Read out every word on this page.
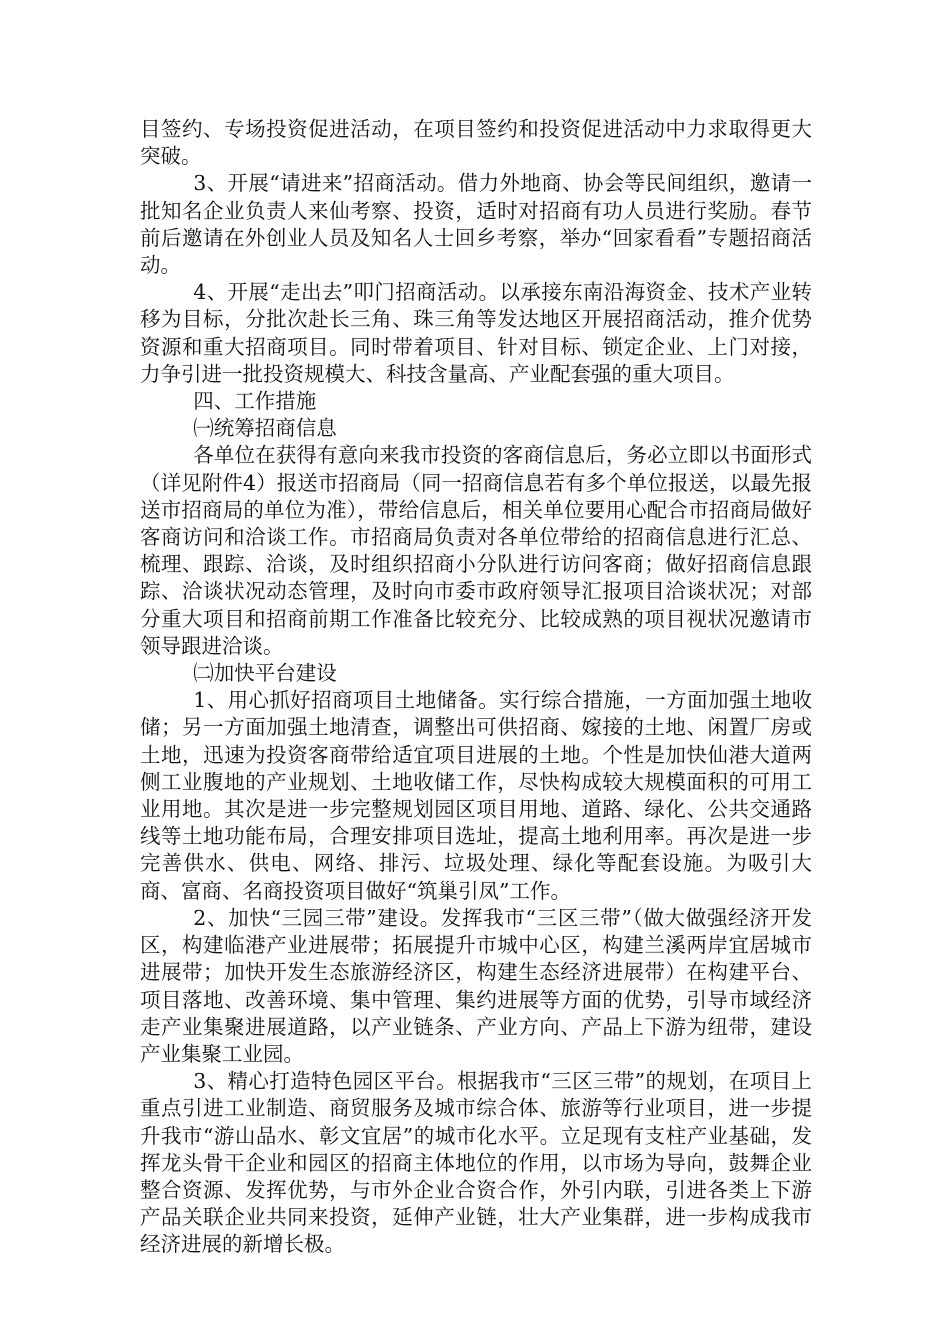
目签约、专场投资促进活动，在项目签约和投资促进活动中力求取得更大突破。

3、开展“请进来”招商活动。借力外地商、协会等民间组织，邀请一批知名企业负责人来仙考察、投资，适时对招商有功人员进行奖励。春节前后邀请在外创业人员及知名人士回乡考察，举办“回家看看”专题招商活动。

4、开展“走出去”叩门招商活动。以承接东南沿海资金、技术产业转移为目标，分批次赴长三角、珠三角等发达地区开展招商活动，推介优势资源和重大招商项目。同时带着项目、针对目标、锁定企业、上门对接，力争引进一批投资规模大、科技含量高、产业配套强的重大项目。

四、工作措施

㈠统筹招商信息

各单位在获得有意向来我市投资的客商信息后，务必立即以书面形式（详见附件4）报送市招商局（同一招商信息若有多个单位报送，以最先报送市招商局的单位为准），带给信息后，相关单位要用心配合市招商局做好客商访问和洽谈工作。市招商局负责对各单位带给的招商信息进行汇总、梳理、跟踪、洽谈，及时组织招商小分队进行访问客商；做好招商信息跟踪、洽谈状况动态管理，及时向市委市政府领导汇报项目洽谈状况；对部分重大项目和招商前期工作准备比较充分、比较成熟的项目视状况邀请市领导跟进洽谈。

㈡加快平台建设

1、用心抓好招商项目土地储备。实行综合措施，一方面加强土地收储；另一方面加强土地清查，调整出可供招商、嫁接的土地、闲置厂房或土地，迅速为投资客商带给适宜项目进展的土地。个性是加快仙港大道两侧工业腹地的产业规划、土地收储工作，尽快构成较大规模面积的可用工业用地。其次是进一步完整规划园区项目用地、道路、绿化、公共交通路线等土地功能布局，合理安排项目选址，提高土地利用率。再次是进一步完善供水、供电、网络、排污、垃圾处理、绿化等配套设施。为吸引大商、富商、名商投资项目做好“筑巢引凤”工作。

2、加快“三园三带”建设。发挥我市“三区三带”（做大做强经济开发区，构建临港产业进展带；拓展提升市城中心区，构建兰溪两岸宜居城市进展带；加快开发生态旅游经济区，构建生态经济进展带）在构建平台、项目落地、改善环境、集中管理、集约进展等方面的优势，引导市域经济走产业集聚进展道路，以产业链条、产业方向、产品上下游为纽带，建设产业集聚工业园。

3、精心打造特色园区平台。根据我市“三区三带”的规划，在项目上重点引进工业制造、商贸服务及城市综合体、旅游等行业项目，进一步提升我市“游山品水、彰文宜居”的城市化水平。立足现有支柱产业基础，发挥龙头骨干企业和园区的招商主体地位的作用，以市场为导向，鼓舞企业整合资源、发挥优势，与市外企业合资合作，外引内联，引进各类上下游产品关联企业共同来投资，延伸产业链，壮大产业集群，进一步构成我市经济进展的新增长极。
